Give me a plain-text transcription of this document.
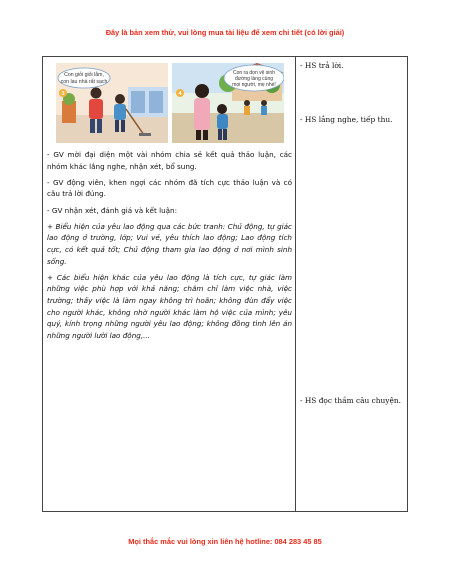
Đây là bản xem thử, vui lòng mua tài liệu để xem chi tiết (có lời giải)
Con giỏi giỏi lắm,
con lau nhà rất sạch
3
Con ra dọn vệ sinh
đường làng cùng
mọi người, mẹ nhé!
4

- GV mời đại diện một vài nhóm chia sẻ kết quả thảo luận, các nhóm khác lắng nghe, nhận xét, bổ sung.

- GV động viên, khen ngợi các nhóm đã tích cực thảo luận và có câu trả lời đúng.

- GV nhận xét, đánh giá và kết luận:

+ Biểu hiện của yêu lao động qua các bức tranh: Chủ động, tự giác lao động ở trường, lớp; Vui vẻ, yêu thích lao động; Lao động tích cực, có kết quả tốt; Chủ động tham gia lao động ở nơi mình sinh sống.

+ Các biểu hiện khác của yêu lao động là tích cực, tự giác làm những việc phù hợp với khả năng; chăm chỉ làm việc nhà, việc trường; thấy việc là làm ngay không trì hoãn; không đùn đẩy việc cho người khác, không nhờ người khác làm hộ việc của mình; yêu quý, kính trọng những người yêu lao động; không đồng tình lên án những người lười lao động,...

- HS trả lời.
- HS lắng nghe, tiếp thu.
- HS đọc thầm câu chuyện.
Mọi thắc mắc vui lòng xin liên hệ hotline: 084 283 45 85
